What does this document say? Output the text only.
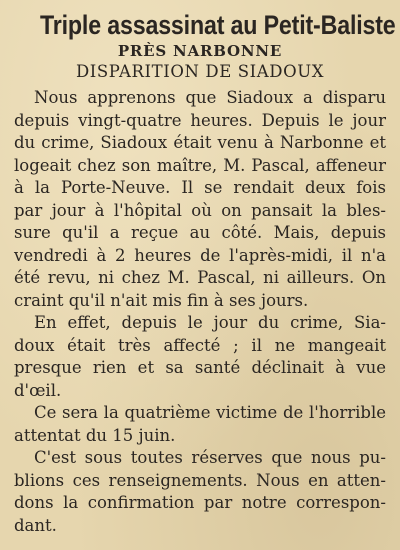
Triple assassinat au Petit-Baliste
PRÈS NARBONNE
DISPARITION DE SIADOUX
Nous apprenons que Siadoux a disparu
depuis vingt-quatre heures. Depuis le jour
du crime, Siadoux était venu à Narbonne et
logeait chez son maître, M. Pascal, affeneur
à la Porte-Neuve. Il se rendait deux fois
par jour à l'hôpital où on pansait la bles-
sure qu'il a reçue au côté. Mais, depuis
vendredi à 2 heures de l'après-midi, il n'a
été revu, ni chez M. Pascal, ni ailleurs. On
craint qu'il n'ait mis fin à ses jours.
En effet, depuis le jour du crime, Sia-
doux était très affecté ; il ne mangeait
presque rien et sa santé déclinait à vue
d'œil.
Ce sera la quatrième victime de l'horrible
attentat du 15 juin.
C'est sous toutes réserves que nous pu-
blions ces renseignements. Nous en atten-
dons la confirmation par notre correspon-
dant.
